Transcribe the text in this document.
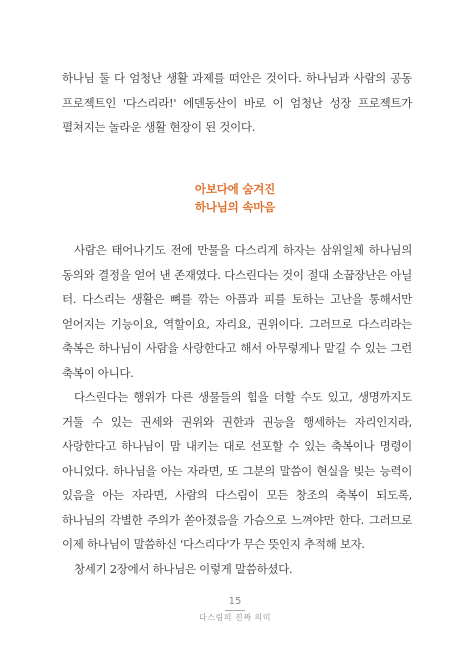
하나님 둘 다 엄청난 생활 과제를 떠안은 것이다. 하나님과 사람의 공동 프로젝트인 '다스리라!' 에덴동산이 바로 이 엄청난 성장 프로젝트가 펼쳐지는 놀라운 생활 현장이 된 것이다.
아보다에 숨겨진
하나님의 속마음

사람은 태어나기도 전에 만물을 다스리게 하자는 삼위일체 하나님의 동의와 결정을 얻어 낸 존재였다. 다스린다는 것이 절대 소꿉장난은 아닐 터. 다스리는 생활은 뼈를 깎는 아픔과 피를 토하는 고난을 통해서만 얻어지는 기능이요, 역할이요, 자리요, 권위이다. 그러므로 다스리라는 축복은 하나님이 사람을 사랑한다고 해서 아무렇게나 맡길 수 있는 그런 축복이 아니다.

다스린다는 행위가 다른 생물들의 힘을 더할 수도 있고, 생명까지도 거둘 수 있는 권세와 권위와 권한과 권능을 행세하는 자리인지라, 사랑한다고 하나님이 맘 내키는 대로 선포할 수 있는 축복이나 명령이 아니었다. 하나님을 아는 자라면, 또 그분의 말씀이 현실을 빚는 능력이 있음을 아는 자라면, 사람의 다스림이 모든 창조의 축복이 되도록, 하나님의 각별한 주의가 쏟아졌음을 가슴으로 느껴야만 한다. 그러므로 이제 하나님이 말씀하신 '다스리다'가 무슨 뜻인지 추적해 보자.

창세기 2장에서 하나님은 이렇게 말씀하셨다.

15
다스림의 진짜 의미
